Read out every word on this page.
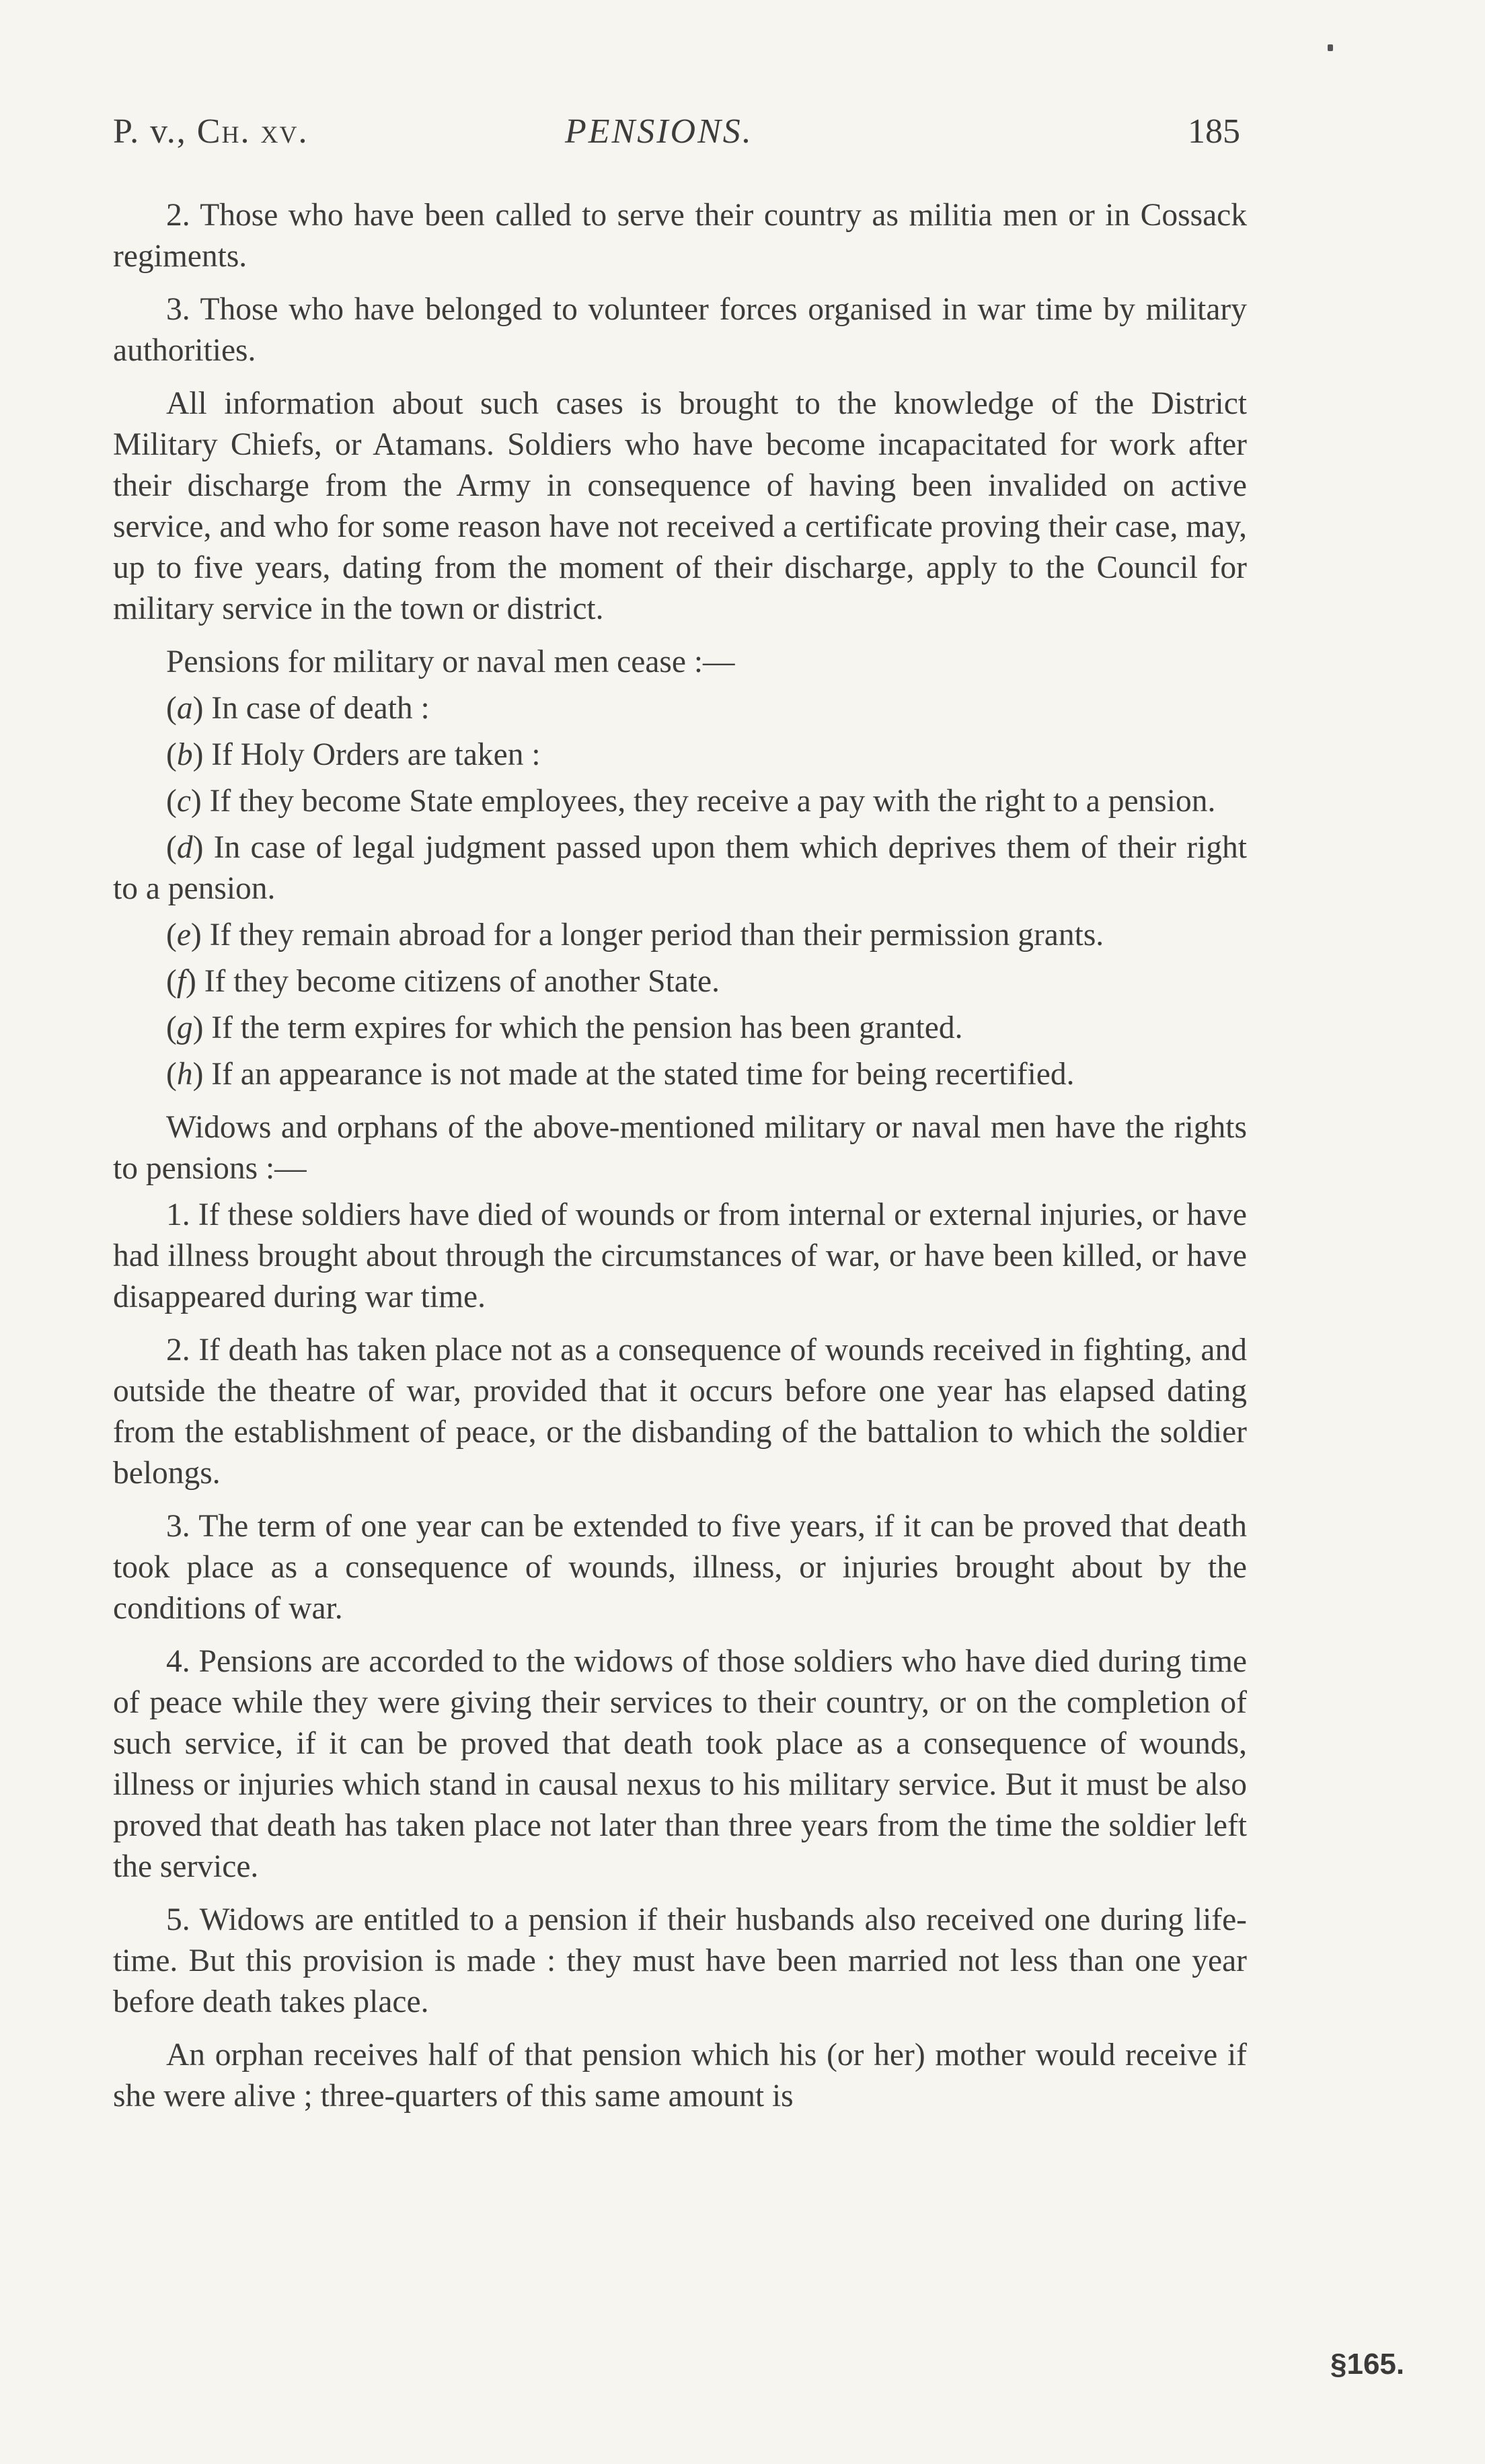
P. v., Ch. xv.	PENSIONS.	185

2. Those who have been called to serve their country as militia men or in Cossack regiments.

3. Those who have belonged to volunteer forces organised in war time by military authorities.

All information about such cases is brought to the knowledge of the District Military Chiefs, or Atamans. Soldiers who have become incapacitated for work after their discharge from the Army in consequence of having been invalided on active service, and who for some reason have not received a certificate proving their case, may, up to five years, dating from the moment of their discharge, apply to the Council for military service in the town or district.

Pensions for military or naval men cease :—

(a) In case of death :

(b) If Holy Orders are taken :

(c) If they become State employees, they receive a pay with the right to a pension.

(d) In case of legal judgment passed upon them which deprives them of their right to a pension.

(e) If they remain abroad for a longer period than their permission grants.

(f) If they become citizens of another State.

(g) If the term expires for which the pension has been granted.

(h) If an appearance is not made at the stated time for being recertified.

Widows and orphans of the above-mentioned military or naval men have the rights to pensions :—

1. If these soldiers have died of wounds or from internal or external injuries, or have had illness brought about through the circumstances of war, or have been killed, or have disappeared during war time.

2. If death has taken place not as a consequence of wounds received in fighting, and outside the theatre of war, provided that it occurs before one year has elapsed dating from the establishment of peace, or the disbanding of the battalion to which the soldier belongs.

3. The term of one year can be extended to five years, if it can be proved that death took place as a consequence of wounds, illness, or injuries brought about by the conditions of war.

4. Pensions are accorded to the widows of those soldiers who have died during time of peace while they were giving their services to their country, or on the completion of such service, if it can be proved that death took place as a consequence of wounds, illness or injuries which stand in causal nexus to his military service. But it must be also proved that death has taken place not later than three years from the time the soldier left the service.

5. Widows are entitled to a pension if their husbands also received one during life-time. But this provision is made : they must have been married not less than one year before death takes place.

An orphan receives half of that pension which his (or her) mother would receive if she were alive ; three-quarters of this same amount is

§165.
